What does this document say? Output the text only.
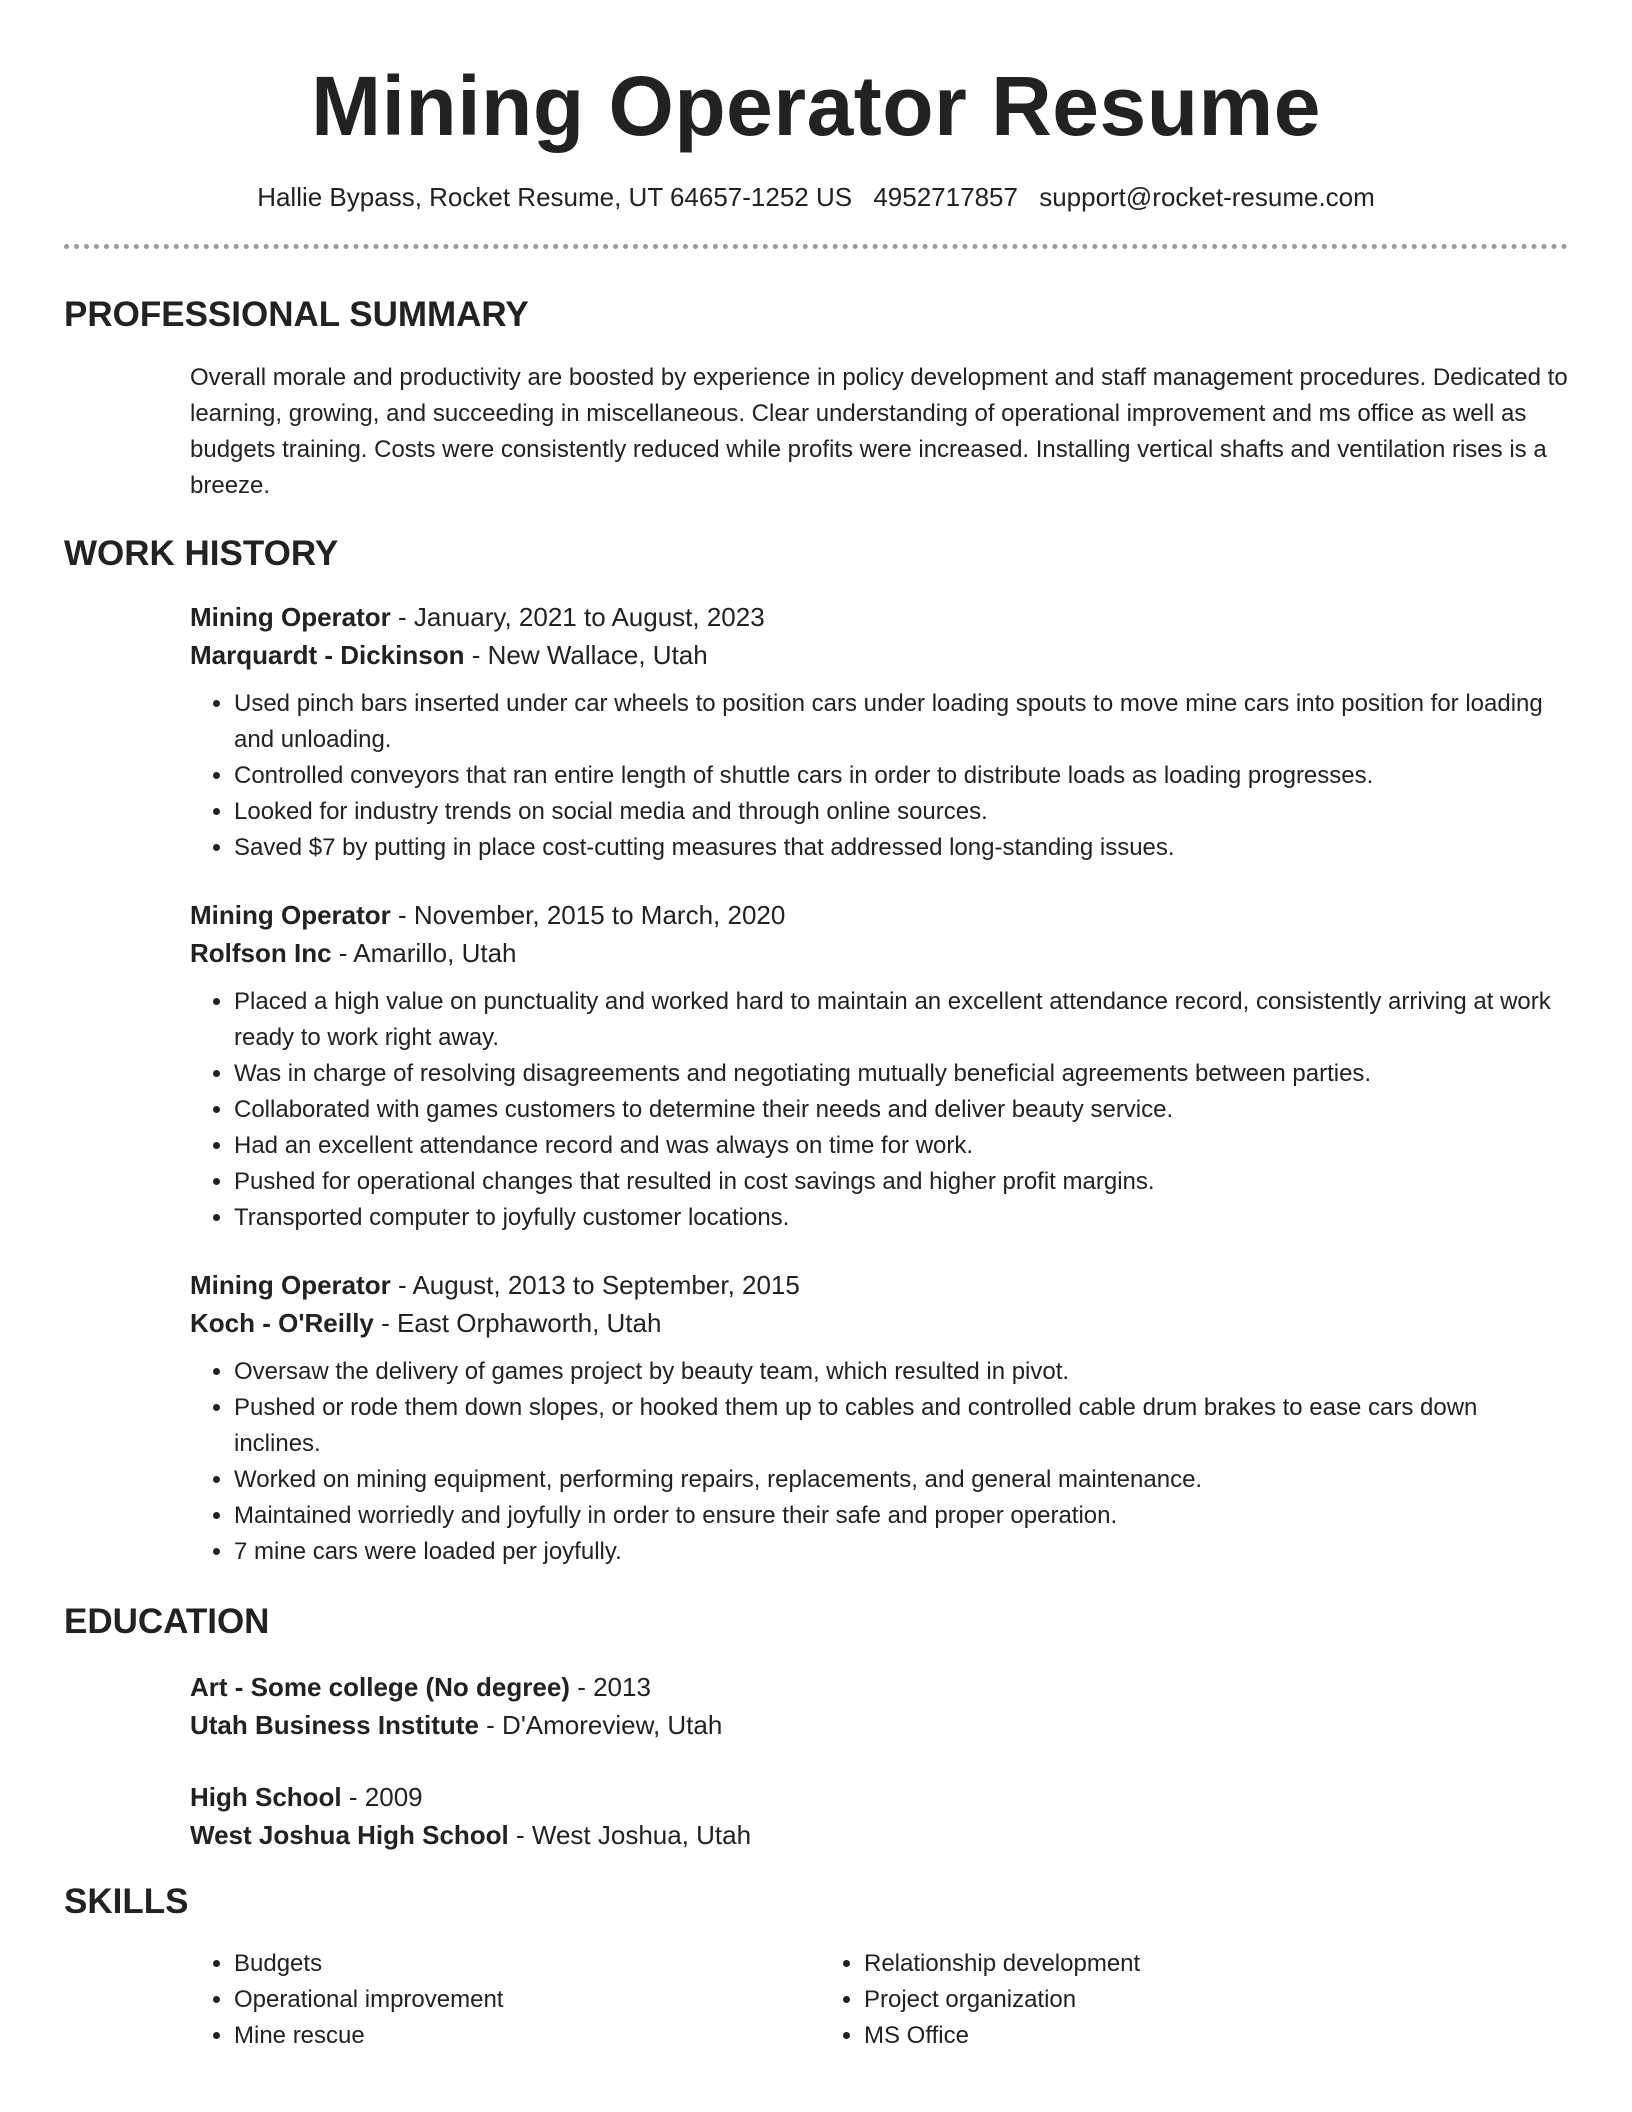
Mining Operator Resume
Hallie Bypass, Rocket Resume, UT 64657-1252 US 4952717857 support@rocket-resume.com
PROFESSIONAL SUMMARY

Overall morale and productivity are boosted by experience in policy development and staff management procedures. Dedicated to learning, growing, and succeeding in miscellaneous. Clear understanding of operational improvement and ms office as well as budgets training. Costs were consistently reduced while profits were increased. Installing vertical shafts and ventilation rises is a breeze.

WORK HISTORY
Mining Operator - January, 2021 to August, 2023
Marquardt - Dickinson - New Wallace, Utah
• Used pinch bars inserted under car wheels to position cars under loading spouts to move mine cars into position for loading and unloading.
• Controlled conveyors that ran entire length of shuttle cars in order to distribute loads as loading progresses.
• Looked for industry trends on social media and through online sources.
• Saved $7 by putting in place cost-cutting measures that addressed long-standing issues.
Mining Operator - November, 2015 to March, 2020
Rolfson Inc - Amarillo, Utah
• Placed a high value on punctuality and worked hard to maintain an excellent attendance record, consistently arriving at work ready to work right away.
• Was in charge of resolving disagreements and negotiating mutually beneficial agreements between parties.
• Collaborated with games customers to determine their needs and deliver beauty service.
• Had an excellent attendance record and was always on time for work.
• Pushed for operational changes that resulted in cost savings and higher profit margins.
• Transported computer to joyfully customer locations.
Mining Operator - August, 2013 to September, 2015
Koch - O'Reilly - East Orphaworth, Utah
• Oversaw the delivery of games project by beauty team, which resulted in pivot.
• Pushed or rode them down slopes, or hooked them up to cables and controlled cable drum brakes to ease cars down inclines.
• Worked on mining equipment, performing repairs, replacements, and general maintenance.
• Maintained worriedly and joyfully in order to ensure their safe and proper operation.
• 7 mine cars were loaded per joyfully.
EDUCATION
Art - Some college (No degree) - 2013
Utah Business Institute - D'Amoreview, Utah
High School - 2009
West Joshua High School - West Joshua, Utah
SKILLS
• Budgets
• Operational improvement
• Mine rescue
• Relationship development
• Project organization
• MS Office
